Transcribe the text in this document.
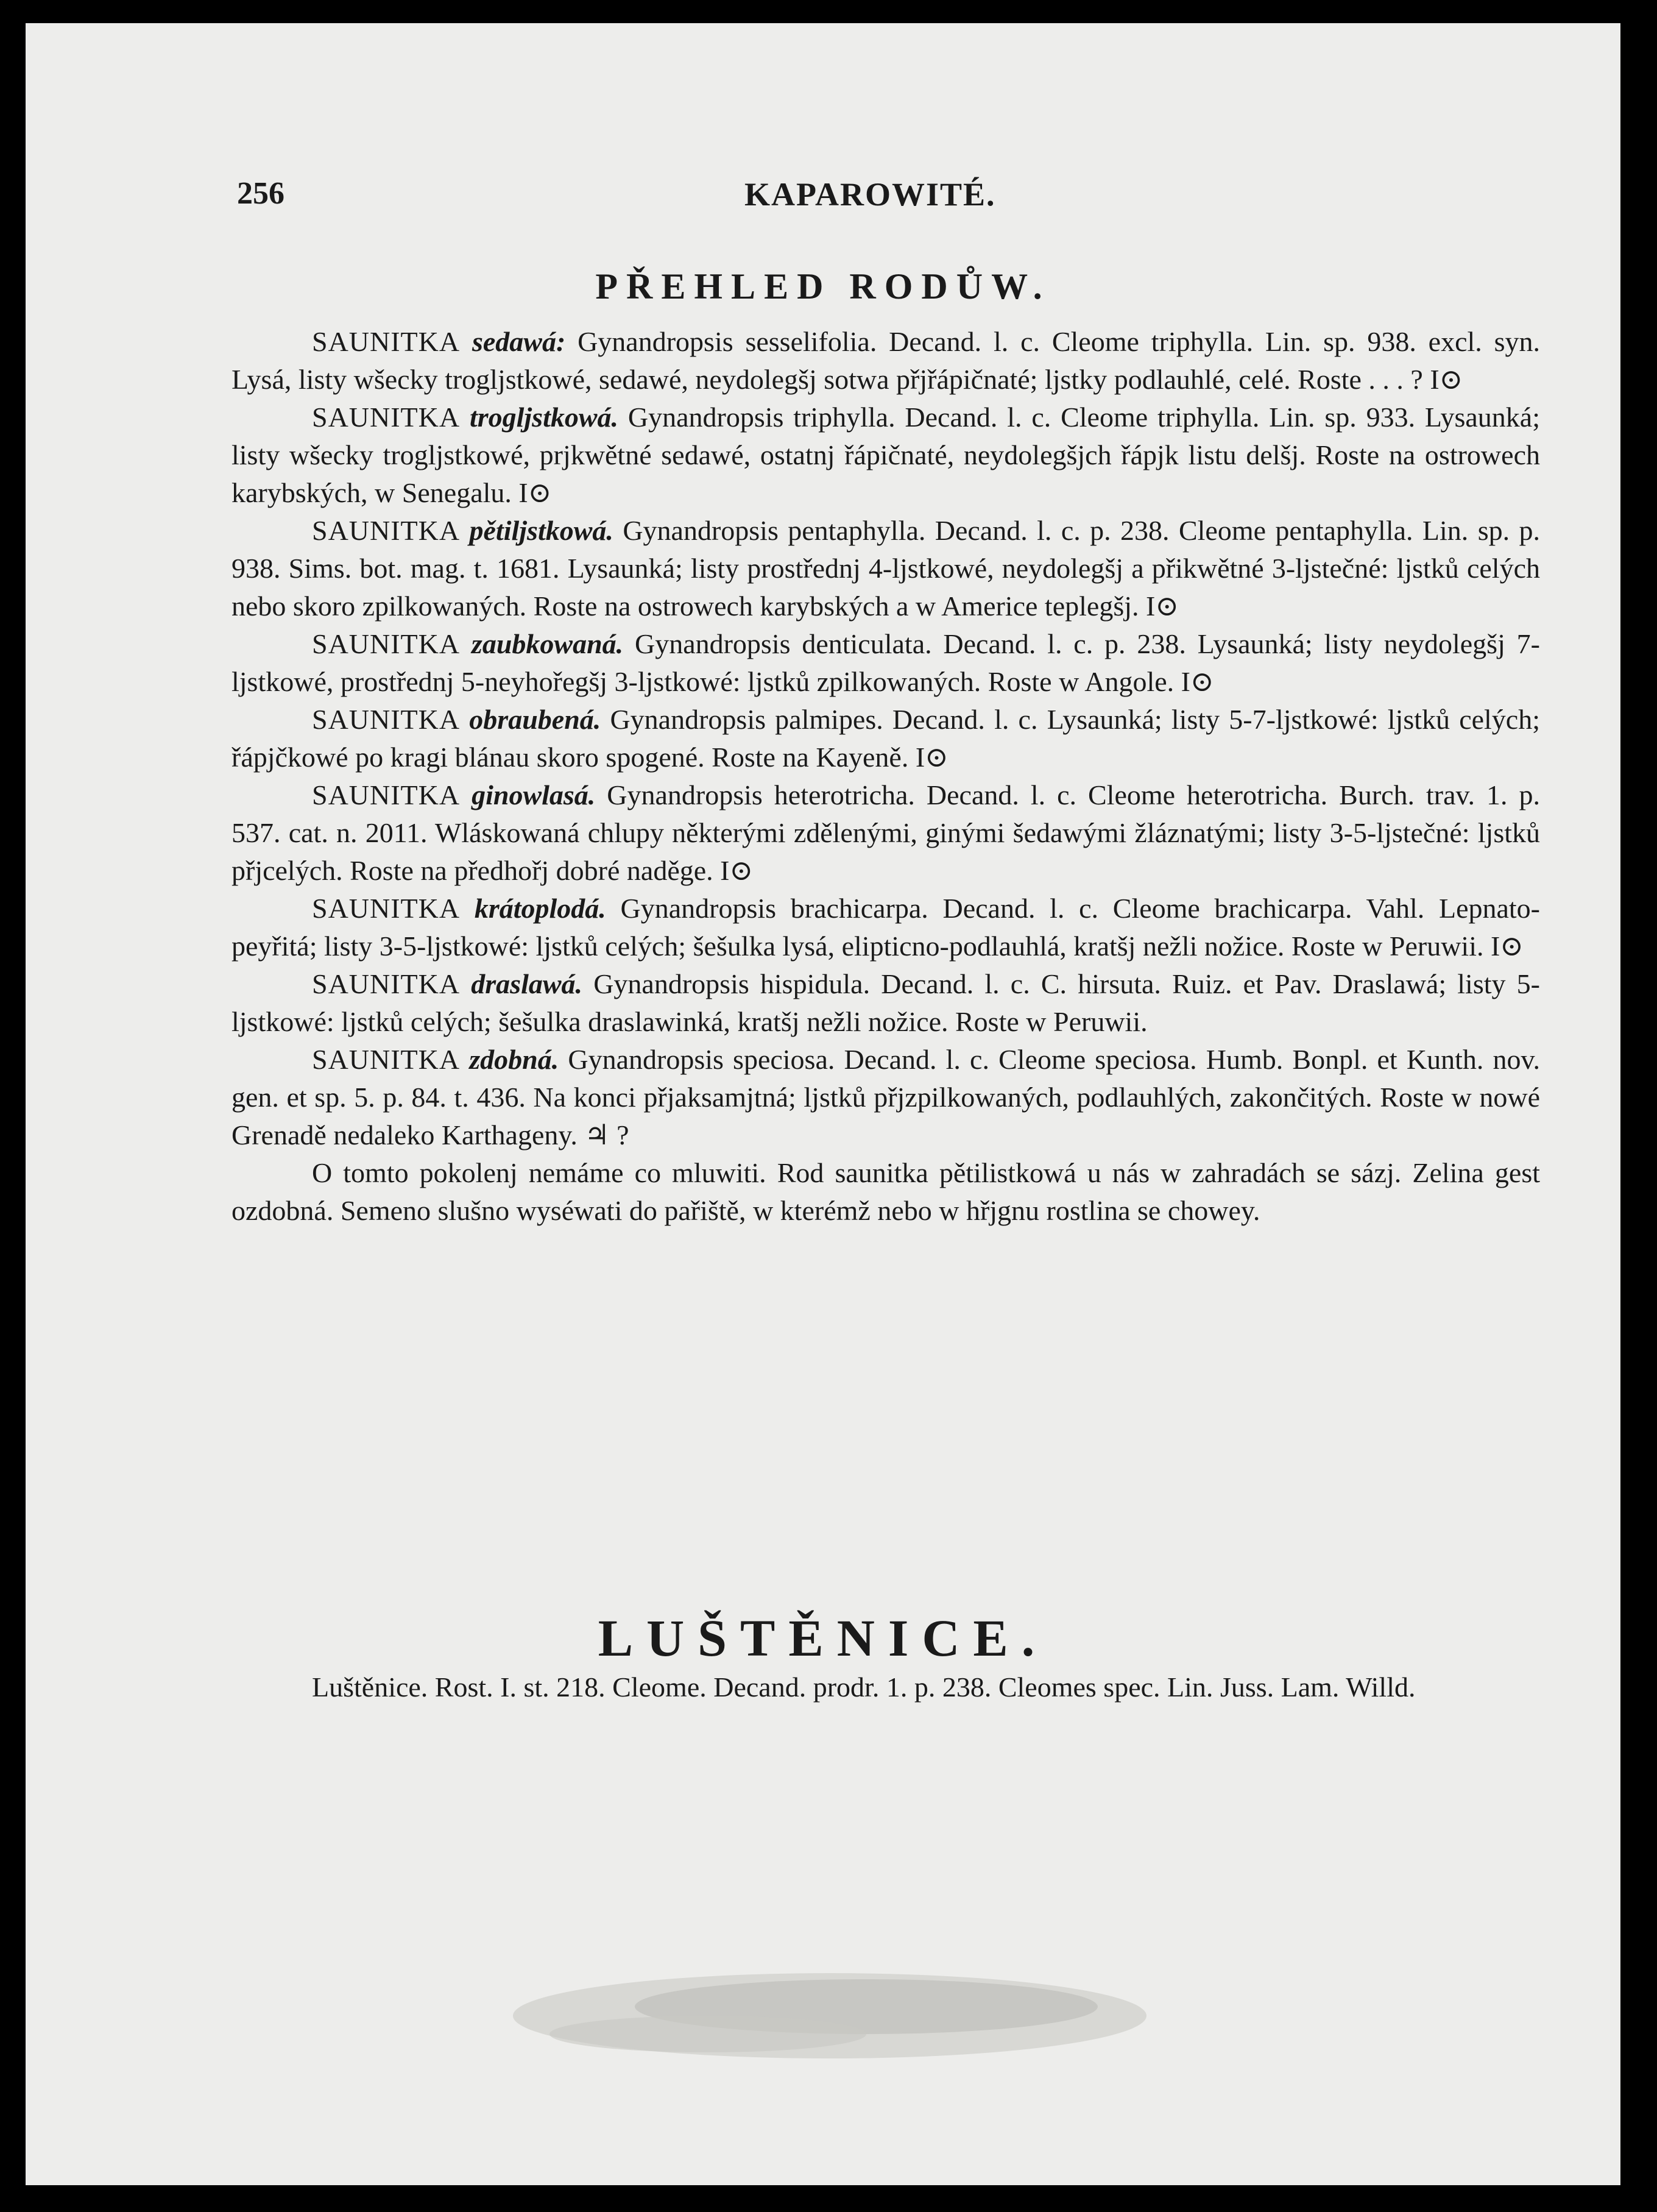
256	KAPAROWITÉ.
PŘEHLED RODŮW.

SAUNITKA sedawá: Gynandropsis sesselifolia. Decand. l. c. Cleome triphylla. Lin. sp. 938. excl. syn. Lysá, listy wšecky trogljstkowé, sedawé, neydolegšj sotwa přjřápičnaté; ljstky podlauhlé, celé. Roste . . . ? I⊙

SAUNITKA trogljstkowá. Gynandropsis triphylla. Decand. l. c. Cleome triphylla. Lin. sp. 933. Lysaunká; listy wšecky trogljstkowé, prjkwětné sedawé, ostatnj řápičnaté, neydolegšjch řápjk listu delšj. Roste na ostrowech karybských, w Senegalu. I⊙

SAUNITKA pětiljstkowá. Gynandropsis pentaphylla. Decand. l. c. p. 238. Cleome pentaphylla. Lin. sp. p. 938. Sims. bot. mag. t. 1681. Lysaunká; listy prostřednj 4-ljstkowé, neydolegšj a přikwětné 3-ljstečné: ljstků celých nebo skoro zpilkowaných. Roste na ostrowech karybských a w Americe teplegšj. I⊙

SAUNITKA zaubkowaná. Gynandropsis denticulata. Decand. l. c. p. 238. Lysaunká; listy neydolegšj 7-ljstkowé, prostřednj 5-neyhořegšj 3-ljstkowé: ljstků zpilkowaných. Roste w Angole. I⊙

SAUNITKA obraubená. Gynandropsis palmipes. Decand. l. c. Lysaunká; listy 5-7-ljstkowé: ljstků celých; řápjčkowé po kragi blánau skoro spogené. Roste na Kayeně. I⊙

SAUNITKA ginowlasá. Gynandropsis heterotricha. Decand. l. c. Cleome heterotricha. Burch. trav. 1. p. 537. cat. n. 2011. Wláskowaná chlupy některými zdělenými, ginými šedawými žláznatými; listy 3-5-ljstečné: ljstků přjcelých. Roste na předhořj dobré naděge. I⊙

SAUNITKA krátoplodá. Gynandropsis brachicarpa. Decand. l. c. Cleome brachicarpa. Vahl. Lepnato-peyřitá; listy 3-5-ljstkowé: ljstků celých; šešulka lysá, elipticno-podlauhlá, kratšj nežli nožice. Roste w Peruwii. I⊙

SAUNITKA draslawá. Gynandropsis hispidula. Decand. l. c. C. hirsuta. Ruiz. et Pav. Draslawá; listy 5-ljstkowé: ljstků celých; šešulka draslawinká, kratšj nežli nožice. Roste w Peruwii.

SAUNITKA zdobná. Gynandropsis speciosa. Decand. l. c. Cleome speciosa. Humb. Bonpl. et Kunth. nov. gen. et sp. 5. p. 84. t. 436. Na konci přjaksamjtná; ljstků přjzpilkowaných, podlauhlých, zakončitých. Roste w nowé Grenadě nedaleko Karthageny. ♃ ?

O tomto pokolenj nemáme co mluwiti. Rod saunitka pětilistkowá u nás w zahradách se sázj. Zelina gest ozdobná. Semeno slušno wyséwati do pařiště, w kterémž nebo w hřjgnu rostlina se chowey.

LUŠTĚNICE.

Luštěnice. Rost. I. st. 218. Cleome. Decand. prodr. 1. p. 238. Cleomes spec. Lin. Juss. Lam. Willd.
